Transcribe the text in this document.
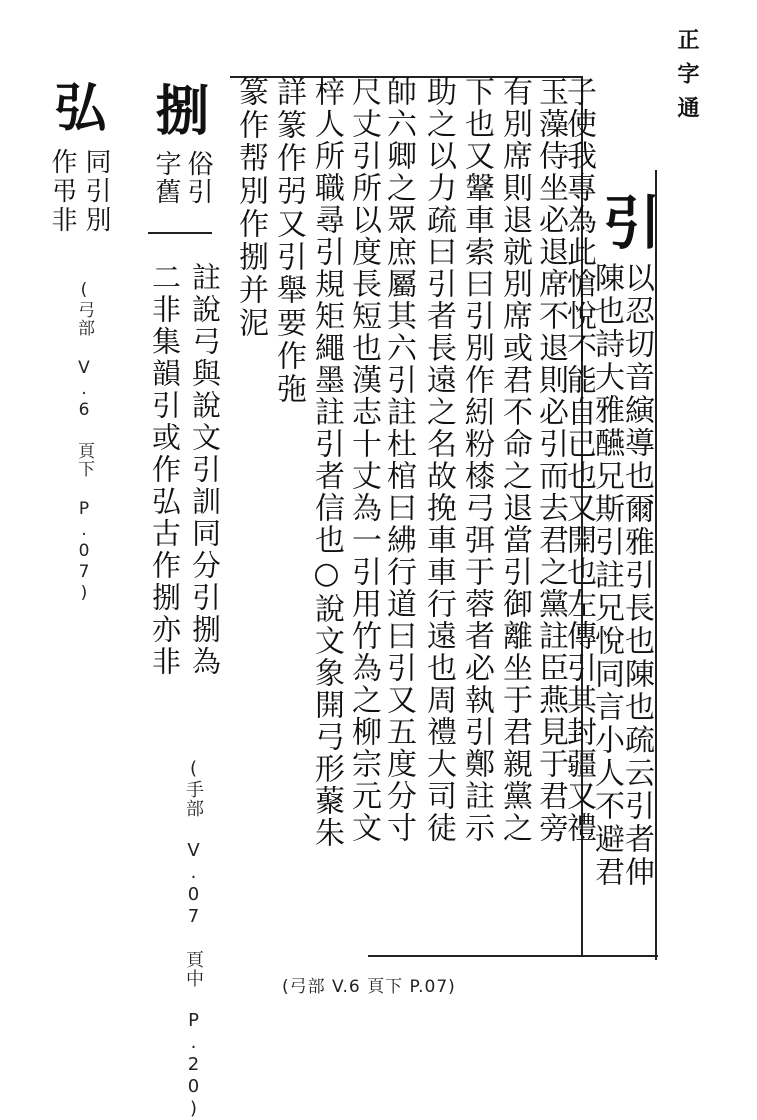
正字通
引
以忍切音縯導也爾雅引長也陳也疏云引者伸
陳也詩大雅醼兄斯引註兄悅同言小人不避君
子使我專為此愴悅不能自已也又開也左傳引其封疆又禮
玉藻侍坐必退席不退則必引而去君之黨註臣燕見于君旁
有別席則退就別席或君不命之退當引御離坐于君親黨之
下也又鞶車索曰引別作紖粉㯃弓弭于蓉者必執引鄭註示
助之以力疏曰引者長遠之名故挽車車行遠也周禮大司徒
帥六卿之眾庶屬其六引註杜棺曰紼行道曰引又五度分寸
尺丈引所以度長短也漢志十丈為一引用竹為之柳宗元文
梓人所職尋引規矩繩墨註引者信也○說文象開弓形藂朱
詳篆作弜又引舉要作㢮
篆作帮別作捌并泥
(弓部 V.6 頁下 P.07)
捌
俗引
字舊
註說弓與說文引訓同分引捌為
二非集韻引或作弘古作捌亦非
(手部 V.07 頁中 P.20)
弘
同引別
作弔非
(弓部 V.6 頁下 P.07)
